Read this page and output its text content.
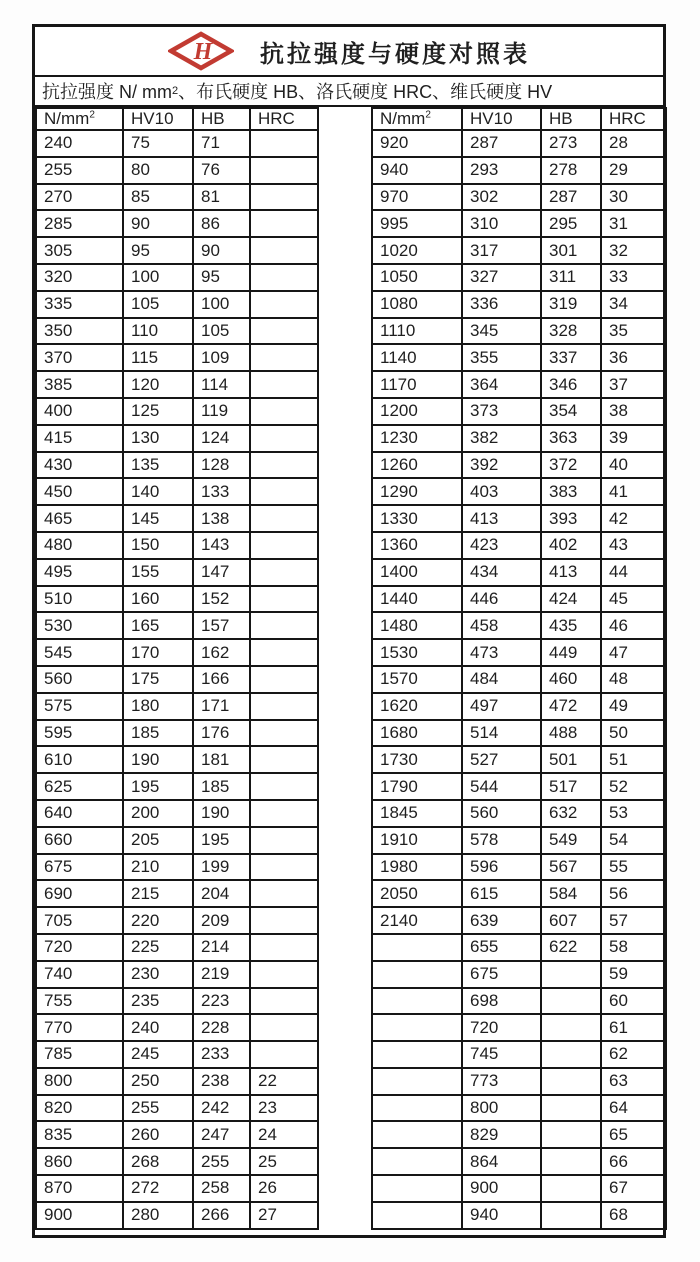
H 抗拉强度与硬度对照表
抗拉强度 N/ mm 2 、布氏硬度 HB、洛氏硬度 HRC、维氏硬度 HV
$N/mm^2$	HV10	HB	HRC
240	75	71	
255	80	76	
270	85	81	
285	90	86	
305	95	90	
320	100	95	
335	105	100	
350	110	105	
370	115	109	
385	120	114	
400	125	119	
415	130	124	
430	135	128	
450	140	133	
465	145	138	
480	150	143	
495	155	147	
510	160	152	
530	165	157	
545	170	162	
560	175	166	
575	180	171	
595	185	176	
610	190	181	
625	195	185	
640	200	190	
660	205	195	
675	210	199	
690	215	204	
705	220	209	
720	225	214	
740	230	219	
755	235	223	
770	240	228	
785	245	233	
800	250	238	22
820	255	242	23
835	260	247	24
860	268	255	25
870	272	258	26
900	280	266	27
$N/mm^2$	HV10	HB	HRC
920	287	273	28
940	293	278	29
970	302	287	30
995	310	295	31
1020	317	301	32
1050	327	311	33
1080	336	319	34
1110	345	328	35
1140	355	337	36
1170	364	346	37
1200	373	354	38
1230	382	363	39
1260	392	372	40
1290	403	383	41
1330	413	393	42
1360	423	402	43
1400	434	413	44
1440	446	424	45
1480	458	435	46
1530	473	449	47
1570	484	460	48
1620	497	472	49
1680	514	488	50
1730	527	501	51
1790	544	517	52
1845	560	632	53
1910	578	549	54
1980	596	567	55
2050	615	584	56
2140	639	607	57
	655	622	58
	675		59
	698		60
	720		61
	745		62
	773		63
	800		64
	829		65
	864		66
	900		67
	940		68
